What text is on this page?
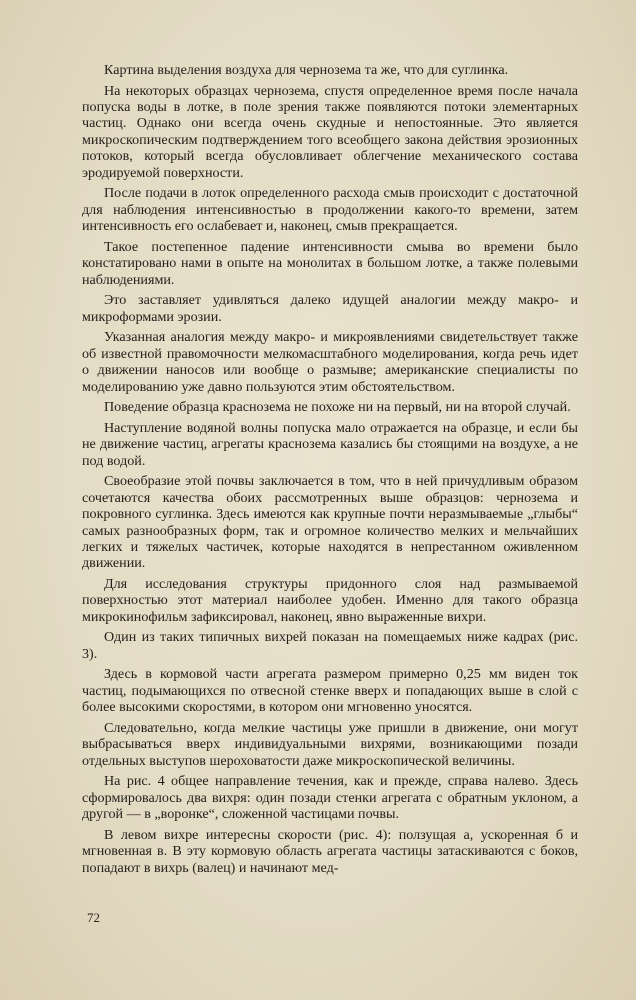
Картина выделения воздуха для чернозема та же, что для суглинка.

На некоторых образцах чернозема, спустя определенное время после начала попуска воды в лотке, в поле зрения также появляются потоки элементарных частиц. Однако они всегда очень скудные и непостоянные. Это является микроскопическим подтверждением того всеобщего закона действия эрозионных потоков, который всегда обусловливает облегчение механического состава эродируемой поверхности.

После подачи в лоток определенного расхода смыв происходит с достаточной для наблюдения интенсивностью в продолжении какого-то времени, затем интенсивность его ослабевает и, наконец, смыв прекращается.

Такое постепенное падение интенсивности смыва во времени было констатировано нами в опыте на монолитах в большом лотке, а также полевыми наблюдениями.

Это заставляет удивляться далеко идущей аналогии между макро- и микроформами эрозии.

Указанная аналогия между макро- и микроявлениями свидетельствует также об известной правомочности мелкомасштабного моделирования, когда речь идет о движении наносов или вообще о размыве; американские специалисты по моделированию уже давно пользуются этим обстоятельством.

Поведение образца краснозема не похоже ни на первый, ни на второй случай.

Наступление водяной волны попуска мало отражается на образце, и если бы не движение частиц, агрегаты краснозема казались бы стоящими на воздухе, а не под водой.

Своеобразие этой почвы заключается в том, что в ней причудливым образом сочетаются качества обоих рассмотренных выше образцов: чернозема и покровного суглинка. Здесь имеются как крупные почти неразмываемые „глыбы“ самых разнообразных форм, так и огромное количество мелких и мельчайших легких и тяжелых частичек, которые находятся в непрестанном оживленном движении.

Для исследования структуры придонного слоя над размываемой поверхностью этот материал наиболее удобен. Именно для такого образца микрокинофильм зафиксировал, наконец, явно выраженные вихри.

Один из таких типичных вихрей показан на помещаемых ниже кадрах (рис. 3).

Здесь в кормовой части агрегата размером примерно 0,25 мм виден ток частиц, подымающихся по отвесной стенке вверх и попадающих выше в слой с более высокими скоростями, в котором они мгновенно уносятся.

Следовательно, когда мелкие частицы уже пришли в движение, они могут выбрасываться вверх индивидуальными вихрями, возникающими позади отдельных выступов шероховатости даже микроскопической величины.

На рис. 4 общее направление течения, как и прежде, справа налево. Здесь сформировалось два вихря: один позади стенки агрегата с обратным уклоном, а другой — в „воронке“, сложенной частицами почвы.

В левом вихре интересны скорости (рис. 4): ползущая а, ускоренная б и мгновенная в. В эту кормовую область агрегата частицы затаскиваются с боков, попадают в вихрь (валец) и начинают мед-

72
